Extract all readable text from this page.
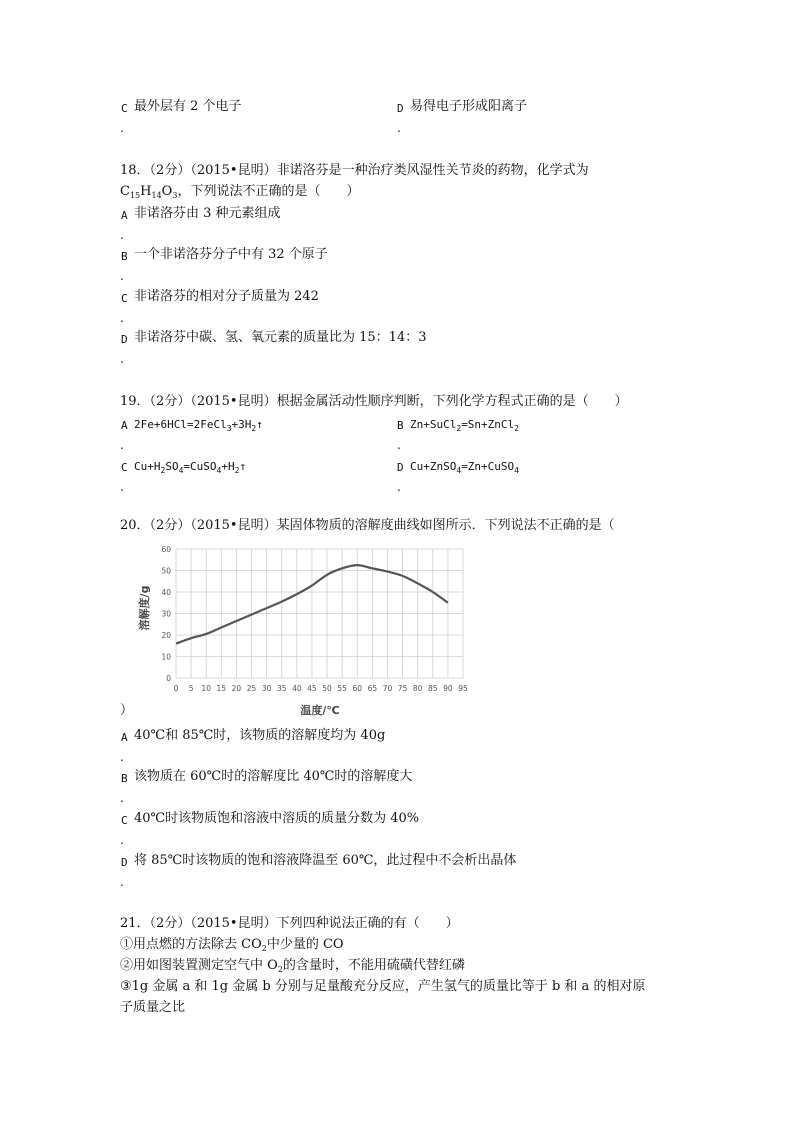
C 最外层有 2 个电子
.
D 易得电子形成阳离子
.
18．（2分）（2015•昆明）非诺洛芬是一种治疗类风湿性关节炎的药物，化学式为
$C_{15}H_{14}O_3$，下列说法不正确的是（　　）
A 非诺洛芬由 3 种元素组成
.
B 一个非诺洛芬分子中有 32 个原子
.
C 非诺洛芬的相对分子质量为 242
.
D 非诺洛芬中碳、氢、氧元素的质量比为 15：14：3
.
19．（2分）（2015•昆明）根据金属活动性顺序判断，下列化学方程式正确的是（　　）
A $2Fe+6HCl=2FeCl_3+3H_2↑$
.
B Zn+SuCl$_2$=Sn+ZnCl$_2$
.
C $Cu+H_2SO_4=CuSO_4+H_2↑$
.
D Cu+ZnSO$_4$=Zn+CuSO$_4$
.
20．（2分）（2015•昆明）某固体物质的溶解度曲线如图所示．下列说法不正确的是（
0 5 10 15 20 25 30 35 40 45 50 55 60 65 70 75 80 85 90 95
0
10
20
30
40
50
60
溶解度/g
温度/℃
）
A 40℃和 85℃时，该物质的溶解度均为 40g
.
B 该物质在 60℃时的溶解度比 40℃时的溶解度大
.
C 40℃时该物质饱和溶液中溶质的质量分数为 40%
.
D 将 85℃时该物质的饱和溶液降温至 60℃，此过程中不会析出晶体
.
21．（2分）（2015•昆明）下列四种说法正确的有（　　）
①用点燃的方法除去 $CO_2$中少量的 CO
②用如图装置测定空气中 $O_2$的含量时，不能用硫磺代替红磷
③1g 金属 a 和 1g 金属 b 分别与足量酸充分反应，产生氢气的质量比等于 b 和 a 的相对原
子质量之比
